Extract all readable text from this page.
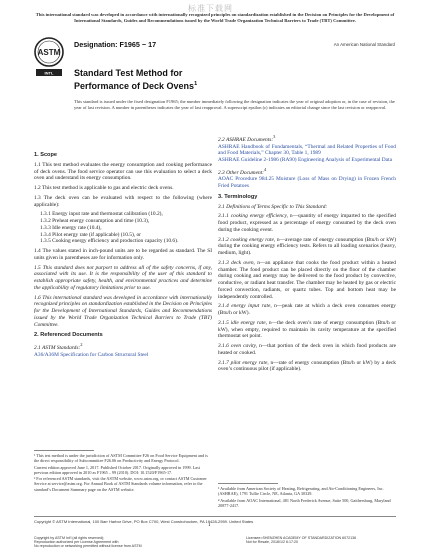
标准下载网
This international standard was developed in accordance with internationally recognized principles on standardization established in the Decision on Principles for the Development of International Standards, Guides and Recommendations issued by the World Trade Organization Technical Barriers to Trade (TBT) Committee.
ASTM
INTL
Designation: F1965 − 17	An American National Standard
Standard Test Method for
Performance of Deck Ovens$^1$
This standard is issued under the fixed designation F1965; the number immediately following the designation indicates the year of original adoption or, in the case of revision, the year of last revision. A number in parentheses indicates the year of last reapproval. A superscript epsilon (ε) indicates an editorial change since the last revision or reapproval.
1. Scope

1.1 This test method evaluates the energy consumption and cooking performance of deck ovens. The food service operator can use this evaluation to select a deck oven and understand its energy consumption.

1.2 This test method is applicable to gas and electric deck ovens.

1.3 The deck oven can be evaluated with respect to the following (where applicable):

1.3.1 Energy input rate and thermostat calibration (10.2),

1.3.2 Preheat energy consumption and time (10.3),

1.3.3 Idle energy rate (10.4),

1.3.4 Pilot energy rate (if applicable) (10.5), or

1.3.5 Cooking energy efficiency and production capacity (10.6).

1.4 The values stated in inch-pound units are to be regarded as standard. The SI units given in parentheses are for information only.

1.5 This standard does not purport to address all of the safety concerns, if any, associated with its use. It is the responsibility of the user of this standard to establish appropriate safety, health, and environmental practices and determine the applicability of regulatory limitations prior to use.

1.6 This international standard was developed in accordance with internationally recognized principles on standardization established in the Decision on Principles for the Development of International Standards, Guides and Recommendations issued by the World Trade Organization Technical Barriers to Trade (TBT) Committee.

2. Referenced Documents

2.1 ASTM Standards:$^2$

A36/A36M Specification for Carbon Structural Steel

2.2 ASHRAE Documents:$^3$

ASHRAE Handbook of Fundamentals, “Thermal and Related Properties of Food and Food Materials,” Chapter 30, Table 1, 1989

ASHRAE Guideline 2-1986 (RA90) Engineering Analysis of Experimental Data

2.3 Other Document:$^4$

AOAC Procedure 984.25 Moisture (Loss of Mass on Drying) in Frozen French Fried Potatoes

3. Terminology

3.1 Definitions of Terms Specific to This Standard:

3.1.1 cooking energy efficiency, n—quantity of energy imparted to the specified food product, expressed as a percentage of energy consumed by the deck oven during the cooking event.

3.1.2 cooking energy rate, n—average rate of energy consumption (Btu/h or kW) during the cooking energy efficiency tests. Refers to all loading scenarios (heavy, medium, light).

3.1.3 deck oven, n—an appliance that cooks the food product within a heated chamber. The food product can be placed directly on the floor of the chamber during cooking and energy may be delivered to the food product by convective, conductive, or radiant heat transfer. The chamber may be heated by gas or electric forced convection, radiants, or quartz tubes. Top and bottom heat may be independently controlled.

3.1.4 energy input rate, n—peak rate at which a deck oven consumes energy (Btu/h or kW).

3.1.5 idle energy rate, n—the deck oven’s rate of energy consumption (Btu/h or kW), when empty, required to maintain its cavity temperature at the specified thermostat set point.

3.1.6 oven cavity, n—that portion of the deck oven in which food products are heated or cooked.

3.1.7 pilot energy rate, n—rate of energy consumption (Btu/h or kW) by a deck oven’s continuous pilot (if applicable).

¹ This test method is under the jurisdiction of ASTM Committee F26 on Food Service Equipment and is the direct responsibility of Subcommittee F26.06 on Productivity and Energy Protocol.

Current edition approved June 1, 2017. Published October 2017. Originally approved in 1999. Last previous edition approved in 2010 as F1965 – 99 (2010). DOI: 10.1520/F1965-17.

² For referenced ASTM standards, visit the ASTM website, www.astm.org, or contact ASTM Customer Service at service@astm.org. For Annual Book of ASTM Standards volume information, refer to the standard’s Document Summary page on the ASTM website.	³ Available from American Society of Heating, Refrigerating, and Air-Conditioning Engineers, Inc. (ASHRAE), 1791 Tullie Circle, NE, Atlanta, GA 30329.

⁴ Available from AOAC International, 481 North Frederick Avenue, Suite 500, Gaithersburg, Maryland 20877-2417.

Copyright © ASTM International, 100 Barr Harbor Drive, PO Box C700, West Conshohocken, PA 19428-2959. United States
1
Copyright by ASTM Int'l (all rights reserved);
Reproduction authorized per License Agreement with
No reproduction or networking permitted without license from ASTM
Licensee=SHENZHEN ACADEMY OF STANDARDIZATION 6072136
Not for Resale, 2018/1/2 6:17:20
